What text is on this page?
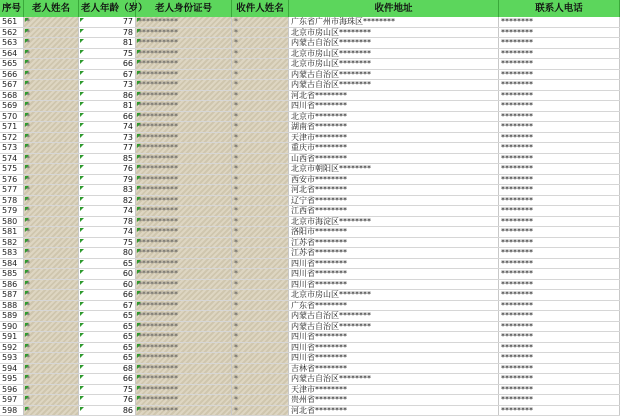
序号	老人姓名	老人年龄（岁） 老人身份证号	收件人姓名	收件地址	联系人电话
561	*	77 **********	*	广东省广州市海珠区********	********
562	*	78 **********	*	北京市房山区********	********
563	*	81 **********	*	内蒙古自治区********	********
564	*	75 **********	*	北京市房山区********	********
565	*	66 **********	*	北京市房山区********	********
566	*	67 **********	*	内蒙古自治区********	********
567	*	73 **********	*	内蒙古自治区********	********
568	*	86 **********	*	河北省********	********
569	*	81 **********	*	四川省********	********
570	*	66 **********	*	北京市********	********
571	*	74 **********	*	湖南省********	********
572	*	73 **********	*	天津市********	********
573	*	77 **********	*	重庆市********	********
574	*	85 **********	*	山西省********	********
575	*	76 **********	*	北京市朝阳区********	********
576	*	79 **********	*	西安市********	********
577	*	83 **********	*	河北省********	********
578	*	82 **********	*	辽宁省********	********
579	*	74 **********	*	江西省********	********
580	*	78 **********	*	北京市海淀区********	********
581	*	74 **********	*	洛阳市********	********
582	*	75 **********	*	江苏省********	********
583	*	80 **********	*	江苏省********	********
584	*	65 **********	*	四川省********	********
585	*	60 **********	*	四川省********	********
586	*	60 **********	*	四川省********	********
587	*	66 **********	*	北京市房山区********	********
588	*	67 **********	*	广东省********	********
589	*	65 **********	*	内蒙古自治区********	********
590	*	65 **********	*	内蒙古自治区********	********
591	*	65 **********	*	四川省********	********
592	*	65 **********	*	四川省********	********
593	*	65 **********	*	四川省********	********
594	*	68 **********	*	吉林省********	********
595	*	66 **********	*	内蒙古自治区********	********
596	*	75 **********	*	天津市********	********
597	*	76 **********	*	贵州省********	********
598	*	86 **********	*	河北省********	********
